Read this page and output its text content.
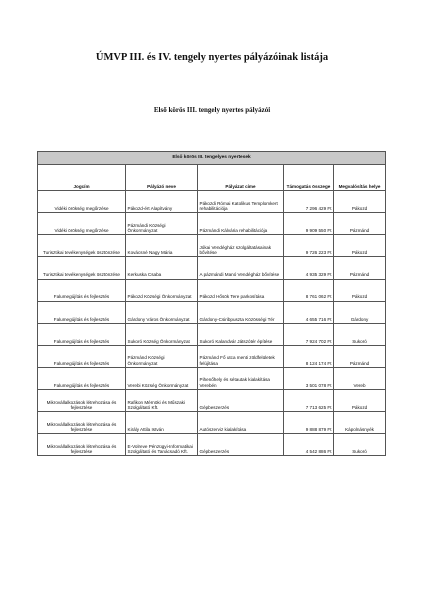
ÚMVP III. és IV. tengely nyertes pályázóinak listája
Első körös III. tengely nyertes pályázói
Első körös III. tengelyes nyertesek				
Jogcím	Pályázó neve	Pályázat címe	Támogatás összege	Megvalósítás helye
Vidéki örökség megőrzése	Pákozd-ért Alapítvány	Pákozdi Római Katolikus Templomkert rehabilitációja	7 296 429 Ft	Pákozd
Vidéki örökség megőrzése	Pázmándi Községi Önkormányzat	Pázmándi Kálvária rehabilitációja	9 909 550 Ft	Pázmánd
Turisztikai tevékenységek ösztönzése	Kovácsné Nagy Mária	Jókai Vendégház szolgáltatásainak bővítése	9 726 223 Ft	Pákozd
Turisztikai tevékenységek ösztönzése	Kerkuska Csaba	A pázmándi Manó Vendégház bővítése	4 935 329 Ft	Pázmánd
Falumegújítás és fejlesztés	Pákozd Községi Önkormányzat	Pákozd Hősök Tere parkosítása	8 761 062 Ft	Pákozd
Falumegújítás és fejlesztés	Gárdony Város Önkormányzat	Gárdony-Csiribpuszta Közösségi Tér	4 655 716 Ft	Gárdony
Falumegújítás és fejlesztés	Sukoró Község Önkormányzat	Sukoró Kalandvár Játszótér építése	7 924 702 Ft	Sukoró
Falumegújítás és fejlesztés	Pázmánd Községi Önkormányzat	Pázmánd Fő utca menti zöldfelületek felújítása	8 124 174 Ft	Pázmánd
Falumegújítás és fejlesztés	Verebi Község Önkormányzat	Pihenőhely és sétautak kialakítása Verebén	3 501 078 Ft	Vereb
Mikrovállalkozások létrehozása és fejlesztése	Rafikon Mérnöki és Műszaki Szolgáltató Kft.	Gépbeszerzés	7 713 625 Ft	Pákozd
Mikrovállalkozások létrehozása és fejlesztése	Király Attila István	Autószerviz kialakítása	9 888 879 Ft	Kápolnásnyék
Mikrovállalkozások létrehozása és fejlesztése	E-Volreve Pénzügyi-Informatikai Szolgáltató és Tanácsadó Kft.	Gépbeszerzés	4 542 886 Ft	Sukoró
